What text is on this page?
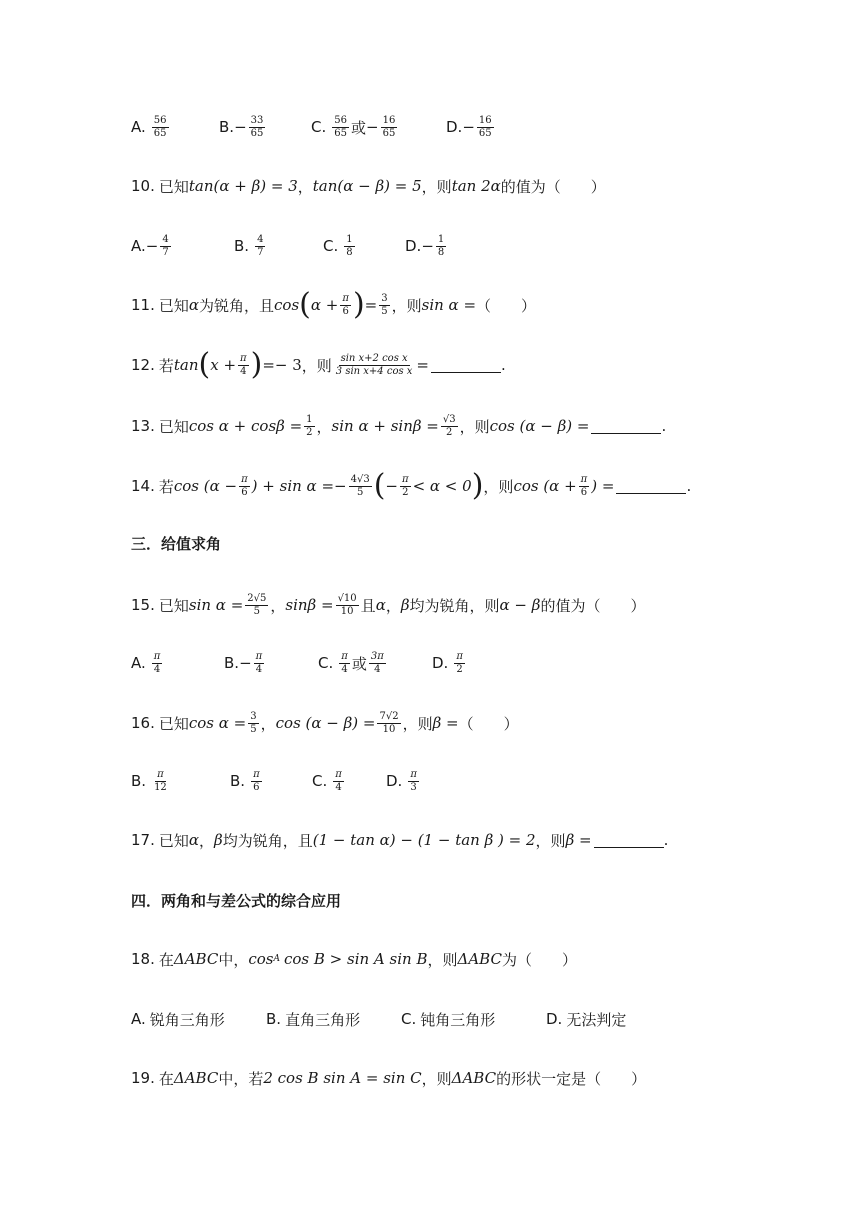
A. $\frac{56}{65}$	B. − $\frac{33}{65}$	C. $\frac{56}{65}$ 或 − $\frac{16}{65}$	D. − $\frac{16}{65}$
10. 已知 tan(α + β) = 3 ， tan(α − β) = 5 ，则 tan 2α 的值为（　　）
A. − $\frac{4}{7}$	B. $\frac{4}{7}$	C. $\frac{1}{8}$	D. − $\frac{1}{8}$
11. 已知 α 为锐角，且 cos ( $\alpha + \frac{\pi}{6}$ ) = $\frac{3}{5}$ ，则 sin α = （　　）
12. 若 tan ( $x + \frac{\pi}{4}$ ) =− 3 ，则 $\frac{\text{sin x+2 cos x}}{\text{3 sin x+4 cos x}}$ =	.
13. 已知 $\cos \alpha + \cos\beta = \frac{1}{2}$ ， $\sin \alpha + \sin\beta = \frac{√3}{2}$ ，则 cos (α − β) =	.
14. 若 $\cos (\alpha - \frac{\pi}{6}$ ) + $\sin \alpha =- \frac{4√3}{5}$ ( − $\frac{\pi}{2} < \alpha < 0$ ) ，则 $\cos (\alpha + \frac{\pi}{6}$ ) =	.
三．给值求角
15. 已知 $\sin \alpha = \frac{2√5}{5}$ ， $\sin\beta = \frac{√10}{10}$ 且 α ， β 均为锐角，则 α − β 的值为（　　）
A. $\frac{\pi}{4}$	B. − $\frac{\pi}{4}$	C. $\frac{\pi}{4}$ 或 $\frac{3\pi}{4}$	D. $\frac{\pi}{2}$
16. 已知 $\cos \alpha = \frac{3}{5}$ ， $\cos (\alpha - \beta) = \frac{7√2}{10}$ ，则 β = （　　）
B. $\frac{\pi}{12}$	B. $\frac{\pi}{6}$	C. $\frac{\pi}{4}$	D. $\frac{\pi}{3}$
17. 已知 α ， β 均为锐角，且 (1 − tan α) − (1 − tan β ) = 2 ，则 β =	.
四．两角和与差公式的综合应用
18. 在 ΔABC 中， cos A cos B > sin A sin B ，则 ΔABC 为（　　）
A. 锐角三角形	B. 直角三角形	C. 钝角三角形	D. 无法判定
19. 在 ΔABC 中，若 2 cos B sin A = sin C ，则 ΔABC 的形状一定是（　　）
